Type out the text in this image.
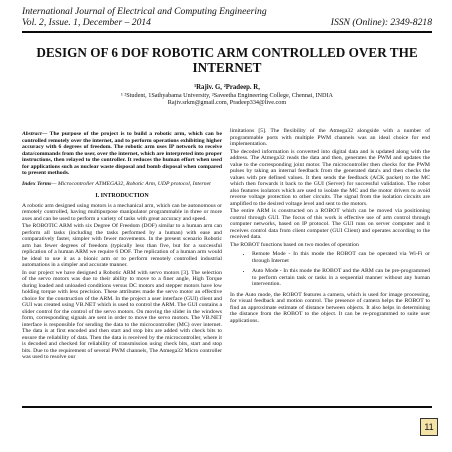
International Journal of Electrical and Computing Engineering
Vol. 2, Issue. 1, December – 2014	ISSN (Online): 2349-8218
DESIGN OF 6 DOF ROBOTIC ARM CONTROLLED OVER THE INTERNET
¹Rajiv. G, ²Pradeep. R,
¹ ²Student, 1Sathyabama University, ²Saveetha Engineering College, Chennai, INDIA
Rajiv.srkm@gmail.com, Pradeep334@live.com

Abstract— The purpose of the project is to build a robotic arm, which can be controlled remotely over the internet, and to perform operations exhibiting higher accuracy with 6 degrees of freedom. The robotic arm uses IP network to receive data/commands from the user, over the internet, which are interpreted into proper instructions, then relayed to the controller. It reduces the human effort when used for applications such as nuclear waste disposal and bomb disposal when compared to present methods.

Index Terms— Microcontroller ATMEGA32, Robotic Arm, UDP protocol, Internet

I. INTRODUCTION

A robotic arm designed using motors is a mechanical arm, which can be autonomous or remotely controlled, having multipurpose manipulator programmable in three or more axes and can be used to perform a variety of tasks with great accuracy and speed.

The ROBOTIC ARM with six Degree Of Freedom (DOF) similar to a human arm can perform all tasks (including the tasks performed by a human) with ease and comparatively faster, simpler with fewer movements. In the present scenario Robotic arm has fewer degrees of freedom (typically less than five, but for a successful replication of a human ARM we require 6 DOF. The replication of a human arm would be ideal to use it as a bionic arm or to perform remotely controlled industrial automations in a simpler and accurate manner.

In our project we have designed a Robotic ARM with servo motors [3]. The selection of the servo motors was due to their ability to move to a finer angle, High Torque during loaded and unloaded conditions versus DC motors and stepper motors have low holding torque with less precision. These attributes made the servo motor an effective choice for the construction of the ARM. In the project a user interface (GUI) client and GUI was created using VB.NET which is used to control the ARM. The GUI contains a slider control for the control of the servo motors. On moving the slider in the windows form, corresponding signals are sent in order to move the servo motors. The VB.NET interface is responsible for sending the data to the microcontroller (MC) over internet. The data is at first encoded and then start and stop bits are added with check bits to ensure the reliability of data. Then the data is received by the microcontroller, where it is decoded and checked for reliability of transmission using check bits, start and stop bits. Due to the requirement of several PWM channels, The Atmega32 Micro controller was used to resolve our

limitations [5]. The flexibility of the Atmega32 alongside with a number of programmable ports with multiple PWM channels was an ideal choice for end implementation.

The decoded information is converted into digital data and is updated along with the address. The Atmega32 reads the data and then, generates the PWM and updates the value to the corresponding joint motor. The microcontroller then checks for the PWM pulses by taking an internal feedback from the generated data's and then checks the values with pre defined values. It then sends the feedback (ACK packet) to the MC which then forwards it back to the GUI (Server) for successful validation. The robot also features isolators which are used to isolate the MC and the motor drivers to avoid reverse voltage protection to other circuits. The signal from the isolation circuits are amplified to the desired voltage level and sent to the motors.

The entire ARM is constructed on a ROBOT which can be moved via positioning control through GUI. The focus of this work is effective use of arm control through computer networks, based on IP protocol. The GUI runs on server computer and it receives control data from client computer (GUI Client) and operates according to the received data.

The ROBOT functions based on two modes of operation

• Remote Mode - In this mode the ROBOT can be operated via Wi-Fi or through Internet
• Auto Mode - In this mode the ROBOT and the ARM can be pre-programmed to perform certain task or tasks in a sequential manner without any human intervention.

In the Auto mode, the ROBOT features a camera, which is used for image processing, for visual feedback and motion control. The presence of camera helps the ROBOT to find an approximate estimate of distance between objects. It also helps in determining the distance from the ROBOT to the object. It can be re-programmed to suite user applications.

11
